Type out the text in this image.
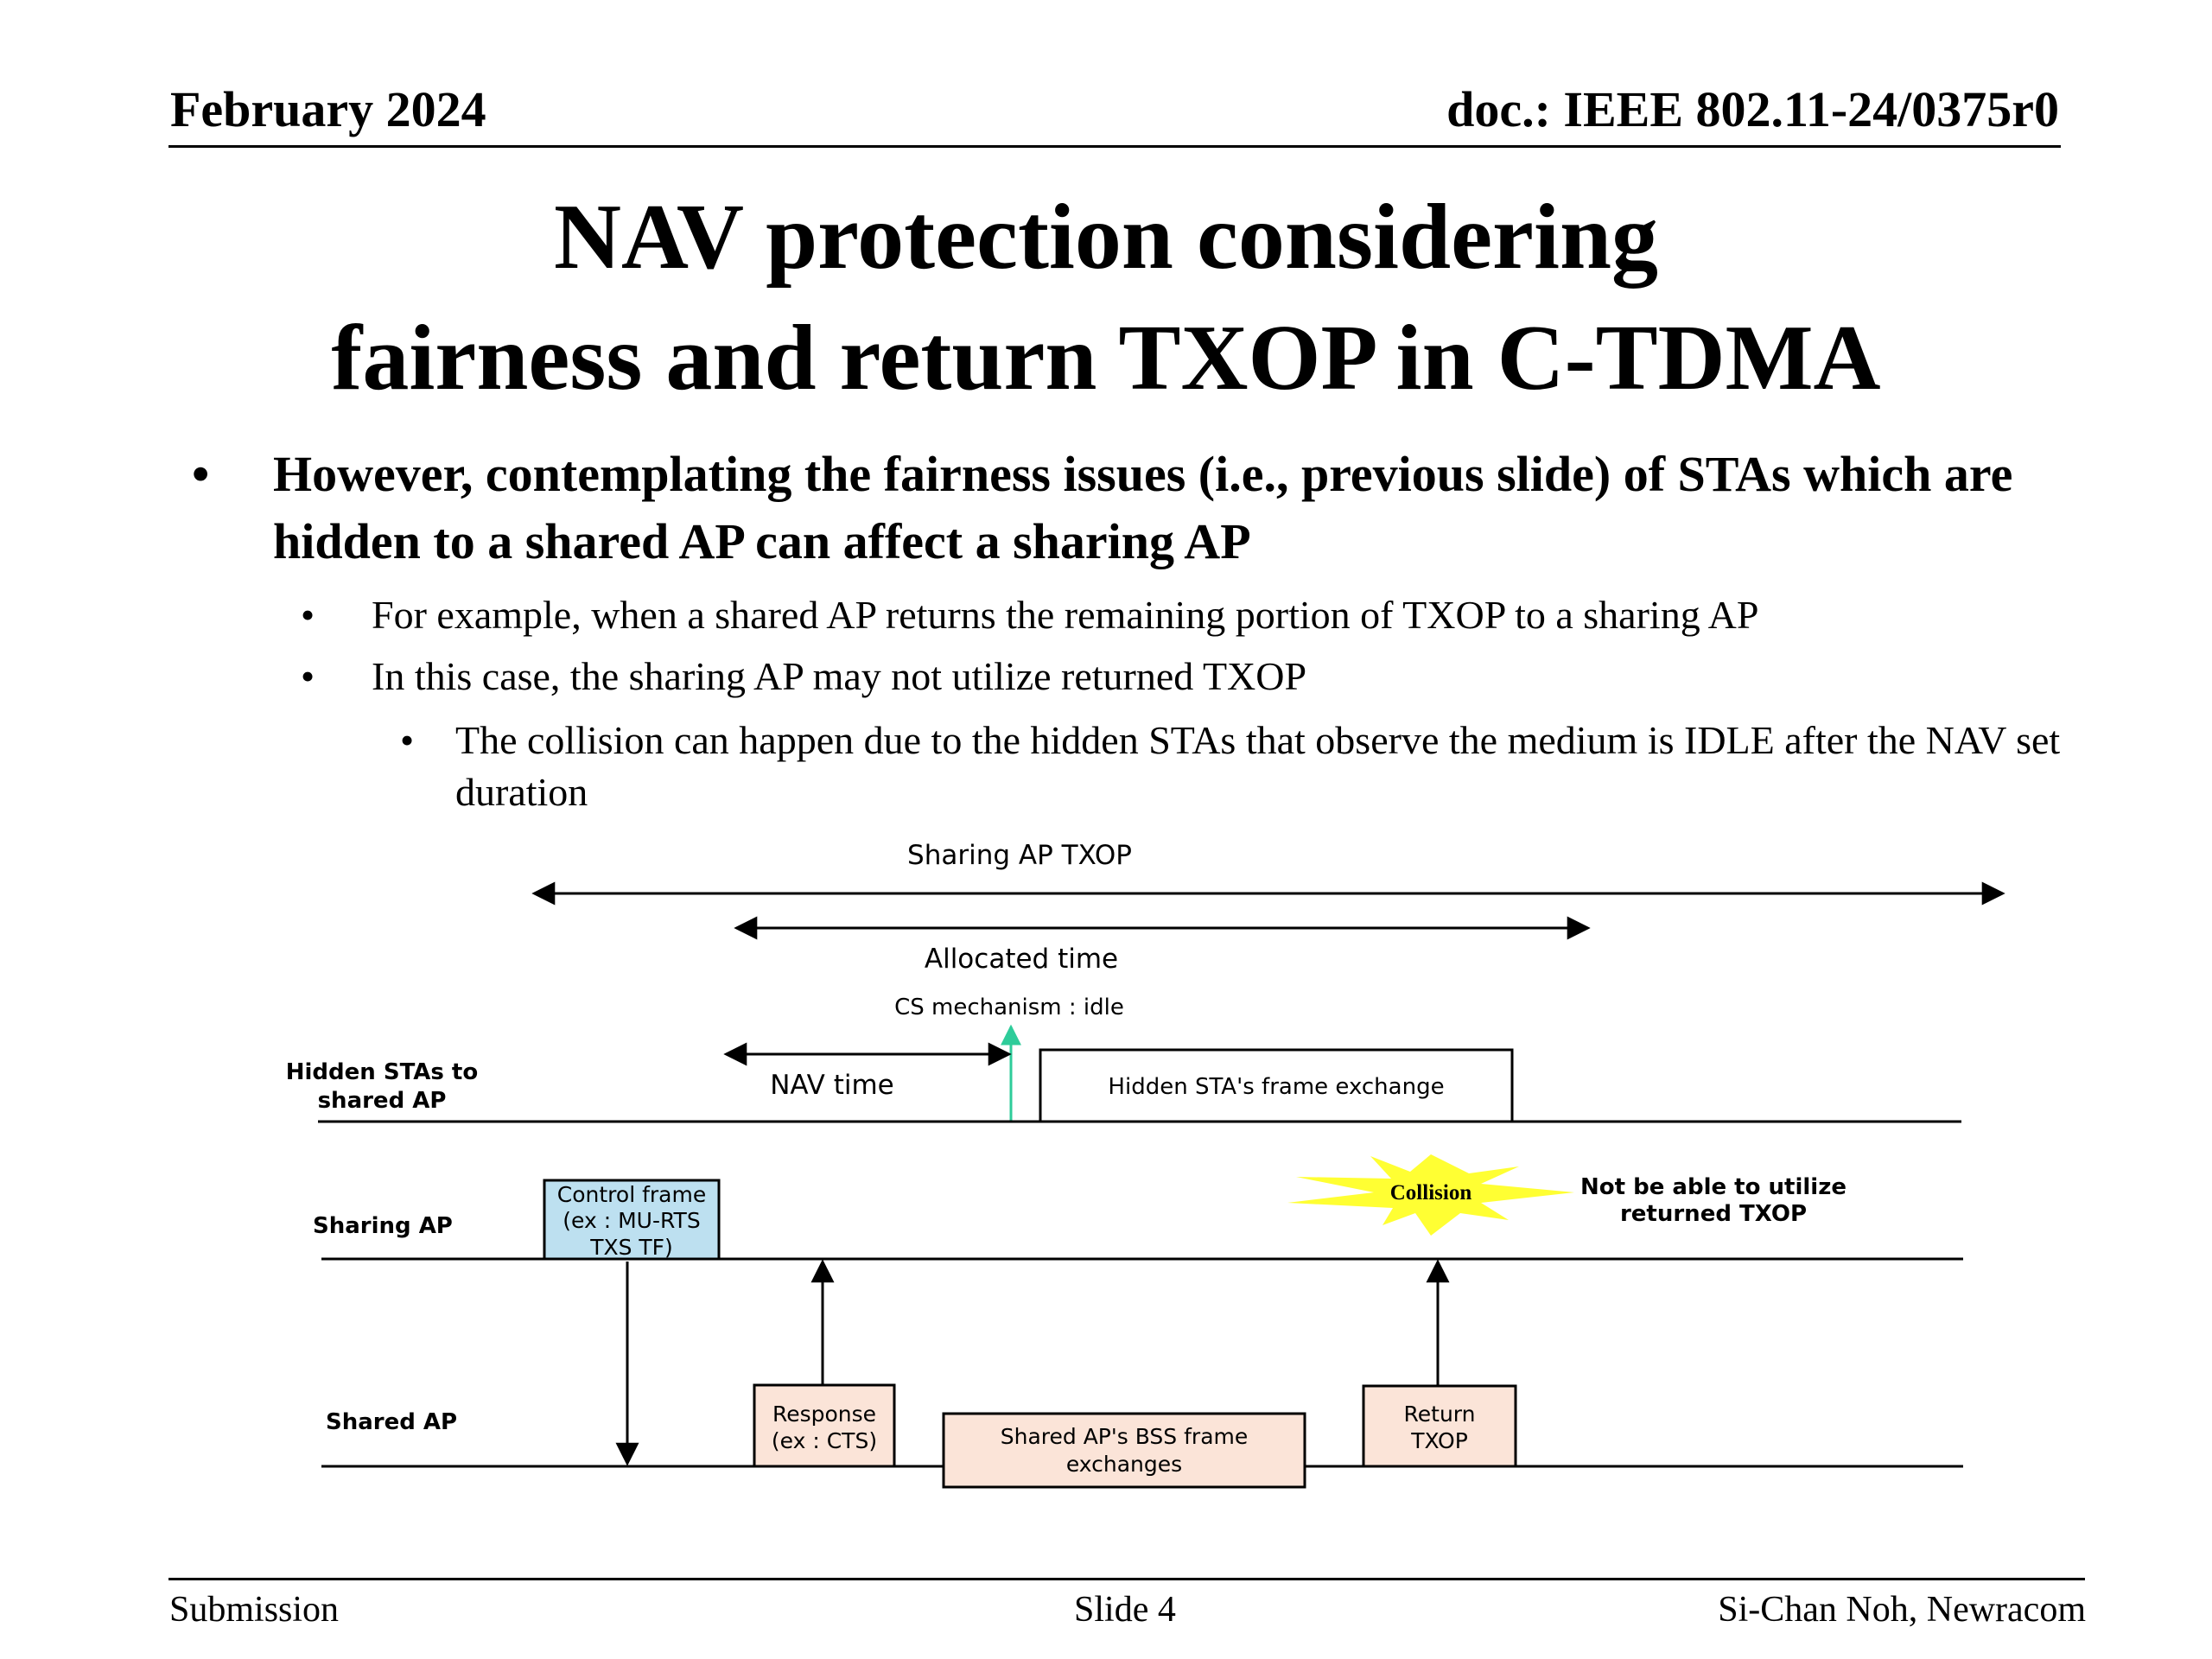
February 2024	doc.: IEEE 802.11-24/0375r0
NAV protection considering
fairness and return TXOP in C-TDMA
• However, contemplating the fairness issues (i.e., previous slide) of STAs which are hidden to a shared AP can affect a sharing AP
• For example, when a shared AP returns the remaining portion of TXOP to a sharing AP
• In this case, the sharing AP may not utilize returned TXOP
• The collision can happen due to the hidden STAs that observe the medium is IDLE after the NAV set duration
Sharing AP TXOP
Allocated time
CS mechanism : idle
NAV time
Hidden STAs to
shared AP
Sharing AP
Shared AP
Hidden STA's frame exchange
Control frame
(ex : MU-RTS
TXS TF)
Response
(ex : CTS)	Shared AP's BSS frame
exchanges
Return
TXOP
Collision	Not be able to utilize
returned TXOP
Submission	Slide 4	Si-Chan Noh, Newracom
